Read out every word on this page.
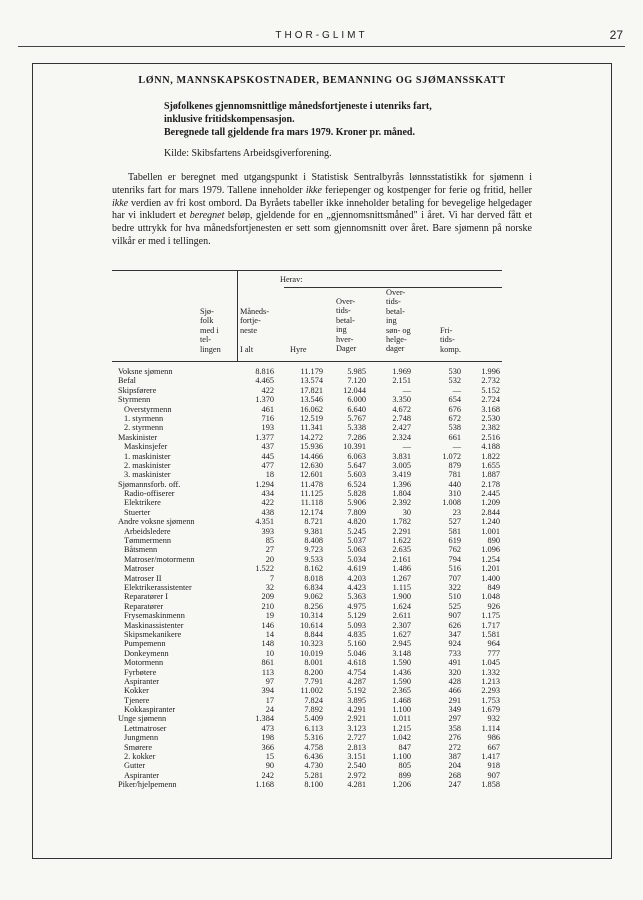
THOR-GLIMT	27
LØNN, MANNSKAPSKOSTNADER, BEMANNING OG SJØMANSSKATT
Sjøfolkenes gjennomsnittlige månedsfortjeneste i utenriks fart,
inklusive fritidskompensasjon.
Beregnede tall gjeldende fra mars 1979. Kroner pr. måned.
Kilde: Skibsfartens Arbeidsgiverforening.

Tabellen er beregnet med utgangspunkt i Statistisk Sentralbyrås lønnsstatistikk for sjømenn i utenriks fart for mars 1979. Tallene inneholder ikke feriepenger og kostpenger for ferie og fritid, heller ikke verdien av fri kost ombord. Da Byråets tabeller ikke inneholder betaling for bevegelige helgedager har vi inkludert et beregnet beløp, gjeldende for en „gjennomsnittsmåned" i året. Vi har derved fått et bedre uttrykk for hva månedsfortjenesten er sett som gjennomsnitt over året. Bare sjømenn på norske vilkår er med i tellingen.

Herav:
Måneds-
fortje-
neste
I alt
Sjø-
folk
med i
tel-
lingen	Hyre
Over-
tids-
betal-
ing
hver-
Dager
Over-
tids-
betal-
ing
søn- og
helge-
dager
Fri-
tids-
komp.
Voksne sjømenn	8.816	11.179	5.985	1.969	530 1.996
Befal	4.465	13.574	7.120	2.151	532 2.732
Skipsførere	422	17.821 12.044	—	— 5.152
Styrmenn	1.370	13.546	6.000	3.350	654 2.724
Overstyrmenn	461	16.062	6.640	4.672	676 3.168
1. styrmenn	716	12.519	5.767	2.748	672 2.530
2. styrmenn	193	11.341	5.338	2.427	538 2.382
Maskinister	1.377	14.272	7.286	2.324	661 2.516
Maskinsjefer	437	15.936 10.391	—	— 4.188
1. maskinister	445	14.466	6.063	3.831	1.072 1.822
2. maskinister	477	12.630	5.647	3.005	879 1.655
3. maskinister	18	12.601	5.603	3.419	781 1.887
Sjømannsforb. off.	1.294	11.478	6.524	1.396	440 2.178
Radio-offiserer	434	11.125	5.828	1.804	310 2.445
Elektrikere	422	11.118	5.906	2.392	1.008 1.209
Stuerter	438	12.174	7.809	30	23 2.844
Andre voksne sjømenn	4.351	8.721	4.820	1.782	527 1.240
Arbeidsledere	393	9.381	5.245	2.291	581 1.001
Tømmermenn	85	8.408	5.037	1.622	619	890
Båtsmenn	27	9.723	5.063	2.635	762 1.096
Matroser/motormenn	20	9.533	5.034	2.161	794 1.254
Matroser	1.522	8.162	4.619	1.486	516 1.201
Matroser II	7	8.018	4.203	1.267	707 1.400
Elektrikerassistenter	32	6.834	4.423	1.115	322	849
Reparatører I	209	9.062	5.363	1.900	510 1.048
Reparatører	210	8.256	4.975	1.624	525	926
Frysemaskinmenn	19	10.314	5.129	2.611	907 1.175
Maskinassistenter	146	10.614	5.093	2.307	626 1.717
Skipsmekanikere	14	8.844	4.835	1.627	347 1.581
Pumpemenn	148	10.323	5.160	2.945	924	964
Donkeymenn	10	10.019	5.046	3.148	733	777
Motormenn	861	8.001	4.618	1.590	491 1.045
Fyrbøtere	113	8.200	4.754	1.436	320 1.332
Aspiranter	97	7.791	4.287	1.590	428 1.213
Kokker	394	11.002	5.192	2.365	466 2.293
Tjenere	17	7.824	3.895	1.468	291 1.753
Kokkaspiranter	24	7.892	4.291	1.100	349 1.679
Unge sjømenn	1.384	5.409	2.921	1.011	297	932
Lettmatroser	473	6.113	3.123	1.215	358 1.114
Jungmenn	198	5.316	2.727	1.042	276	986
Smørere	366	4.758	2.813	847	272	667
2. kokker	15	6.436	3.151	1.100	387 1.417
Gutter	90	4.730	2.540	805	204	918
Aspiranter	242	5.281	2.972	899	268	907
Piker/hjelpemenn	1.168	8.100	4.281	1.206	247 1.858
